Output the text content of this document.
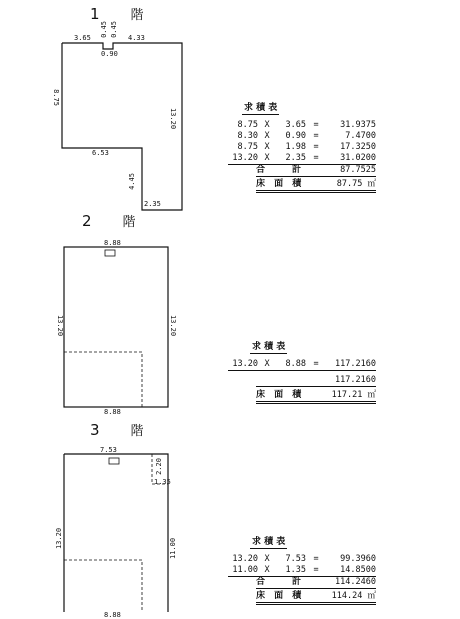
1 階
3.65
0.45 0.45
0.90
4.33
8.75
13.20
6.53
4.45
2.35
2 階
8.88
13.20	13.20
8.88
3 階
7.53
2.20
1.35
13.20	11.00
8.88
求 積 表
8.75 X	3.65 =	31.9375
8.30 X	0.90 =	7.4700
8.75 X	1.98 =	17.3250
13.20 X	2.35 =	31.0200
合　　計	87.7525
床 面 積	87.75 ㎡
求 積 表
13.20 X	8.88 =	117.2160
117.2160
床 面 積	117.21 ㎡
求 積 表
13.20 X	7.53 =	99.3960
11.00 X	1.35 =	14.8500
合　　計	114.2460
床 面 積	114.24 ㎡
